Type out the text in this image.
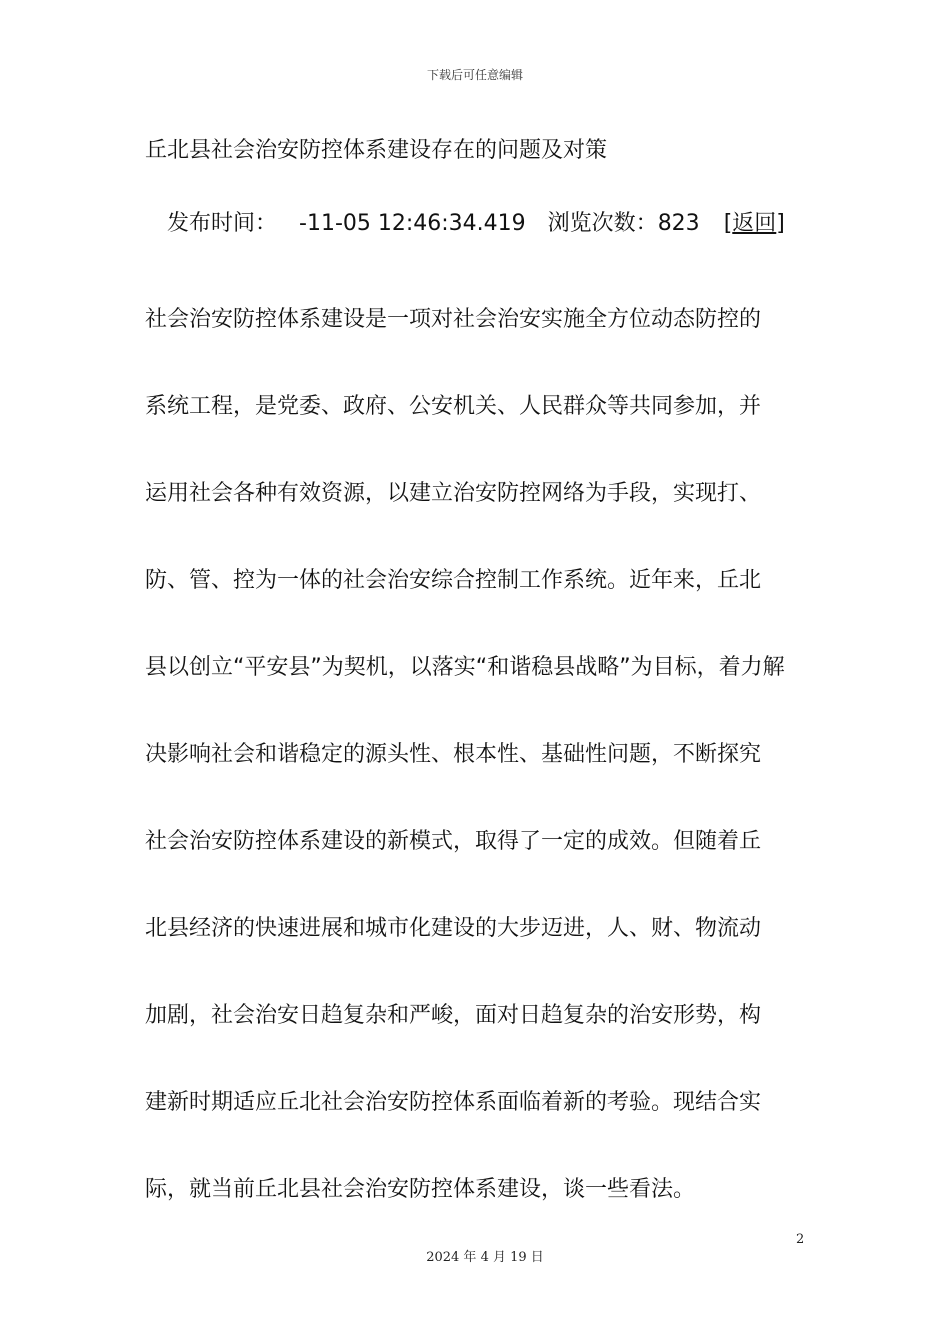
下载后可任意编辑
丘北县社会治安防控体系建设存在的问题及对策
发布时间： -11-05 12:46:34.419 浏览次数：823 [返回]
社会治安防控体系建设是一项对社会治安实施全方位动态防控的
系统工程，是党委、政府、公安机关、人民群众等共同参加，并
运用社会各种有效资源，以建立治安防控网络为手段，实现打、
防、管、控为一体的社会治安综合控制工作系统。近年来，丘北
县以创立“平安县”为契机，以落实“和谐稳县战略”为目标，着力解
决影响社会和谐稳定的源头性、根本性、基础性问题，不断探究
社会治安防控体系建设的新模式，取得了一定的成效。但随着丘
北县经济的快速进展和城市化建设的大步迈进，人、财、物流动
加剧，社会治安日趋复杂和严峻，面对日趋复杂的治安形势，构
建新时期适应丘北社会治安防控体系面临着新的考验。现结合实
际，就当前丘北县社会治安防控体系建设，谈一些看法。
2
2024 年 4 月 19 日
